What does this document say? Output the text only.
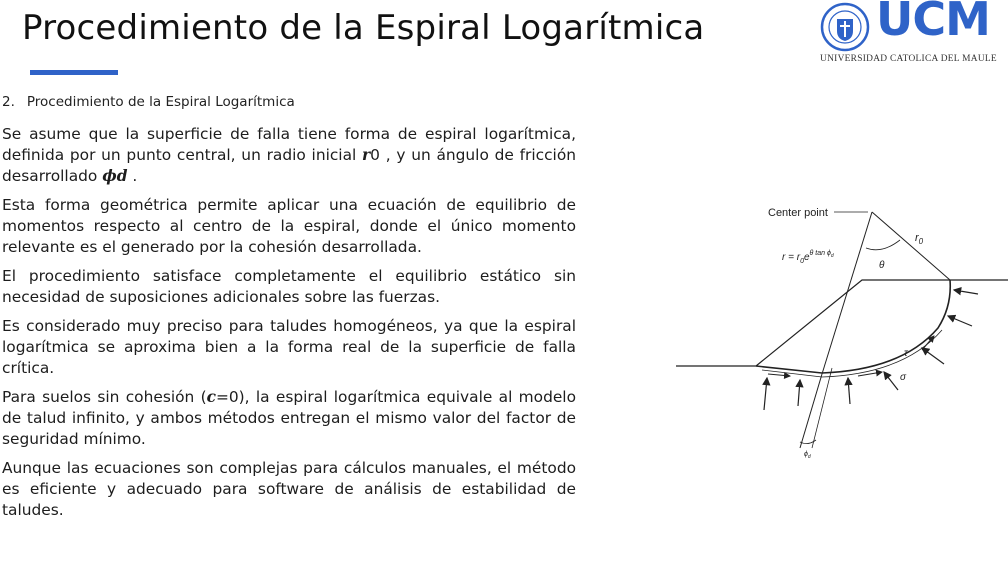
Procedimiento de la Espiral Logarítmica	UCM
UNIVERSIDAD CATOLICA DEL MAULE
2. Procedimiento de la Espiral Logarítmica

Se asume que la superficie de falla tiene forma de espiral logarítmica, definida por un punto central, un radio inicial r0 , y un ángulo de fricción desarrollado ϕd .

Esta forma geométrica permite aplicar una ecuación de equilibrio de momentos respecto al centro de la espiral, donde el único momento relevante es el generado por la cohesión desarrollada.

El procedimiento satisface completamente el equilibrio estático sin necesidad de suposiciones adicionales sobre las fuerzas.

Es considerado muy preciso para taludes homogéneos, ya que la espiral logarítmica se aproxima bien a la forma real de la superficie de falla crítica.

Para suelos sin cohesión (c=0), la espiral logarítmica equivale al modelo de talud infinito, y ambos métodos entregan el mismo valor del factor de seguridad mínimo.

Aunque las ecuaciones son complejas para cálculos manuales, el método es eficiente y adecuado para software de análisis de estabilidad de taludes.

Center point
$r_0$
$r = r_0e^{\theta tan \phi}_d$
θ
τ
σ
$\phi_d$
